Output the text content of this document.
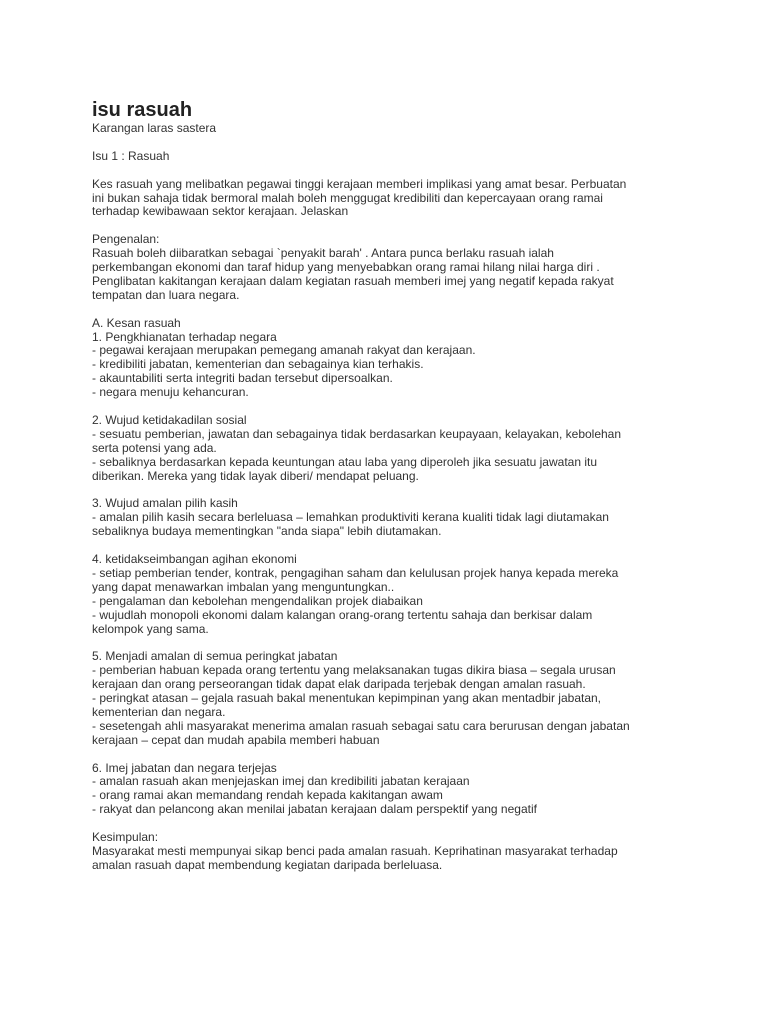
isu rasuah
Karangan laras sastera
Isu 1 : Rasuah
Kes rasuah yang melibatkan pegawai tinggi kerajaan memberi implikasi yang amat besar. Perbuatan
ini bukan sahaja tidak bermoral malah boleh menggugat kredibiliti dan kepercayaan orang ramai
terhadap kewibawaan sektor kerajaan. Jelaskan
Pengenalan:
Rasuah boleh diibaratkan sebagai `penyakit barah' . Antara punca berlaku rasuah ialah
perkembangan ekonomi dan taraf hidup yang menyebabkan orang ramai hilang nilai harga diri .
Penglibatan kakitangan kerajaan dalam kegiatan rasuah memberi imej yang negatif kepada rakyat
tempatan dan luara negara.
A. Kesan rasuah
1. Pengkhianatan terhadap negara
- pegawai kerajaan merupakan pemegang amanah rakyat dan kerajaan.
- kredibiliti jabatan, kementerian dan sebagainya kian terhakis.
- akauntabiliti serta integriti badan tersebut dipersoalkan.
- negara menuju kehancuran.
2. Wujud ketidakadilan sosial
- sesuatu pemberian, jawatan dan sebagainya tidak berdasarkan keupayaan, kelayakan, kebolehan
serta potensi yang ada.
- sebaliknya berdasarkan kepada keuntungan atau laba yang diperoleh jika sesuatu jawatan itu
diberikan. Mereka yang tidak layak diberi/ mendapat peluang.
3. Wujud amalan pilih kasih
- amalan pilih kasih secara berleluasa – lemahkan produktiviti kerana kualiti tidak lagi diutamakan
sebaliknya budaya mementingkan "anda siapa" lebih diutamakan.
4. ketidakseimbangan agihan ekonomi
- setiap pemberian tender, kontrak, pengagihan saham dan kelulusan projek hanya kepada mereka
yang dapat menawarkan imbalan yang menguntungkan..
- pengalaman dan kebolehan mengendalikan projek diabaikan
- wujudlah monopoli ekonomi dalam kalangan orang-orang tertentu sahaja dan berkisar dalam
kelompok yang sama.
5. Menjadi amalan di semua peringkat jabatan
- pemberian habuan kepada orang tertentu yang melaksanakan tugas dikira biasa – segala urusan
kerajaan dan orang perseorangan tidak dapat elak daripada terjebak dengan amalan rasuah.
- peringkat atasan – gejala rasuah bakal menentukan kepimpinan yang akan mentadbir jabatan,
kementerian dan negara.
- sesetengah ahli masyarakat menerima amalan rasuah sebagai satu cara berurusan dengan jabatan
kerajaan – cepat dan mudah apabila memberi habuan
6. Imej jabatan dan negara terjejas
- amalan rasuah akan menjejaskan imej dan kredibiliti jabatan kerajaan
- orang ramai akan memandang rendah kepada kakitangan awam
- rakyat dan pelancong akan menilai jabatan kerajaan dalam perspektif yang negatif
Kesimpulan:
Masyarakat mesti mempunyai sikap benci pada amalan rasuah. Keprihatinan masyarakat terhadap
amalan rasuah dapat membendung kegiatan daripada berleluasa.
